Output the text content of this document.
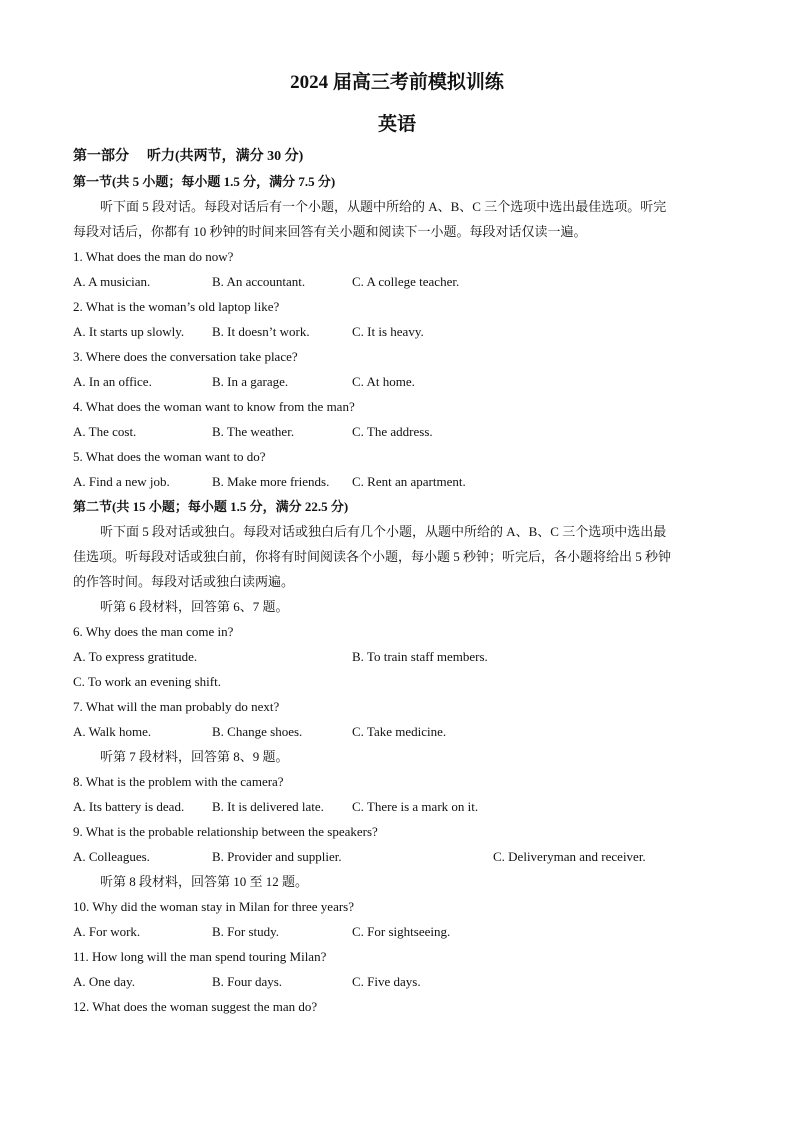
2024 届高三考前模拟训练
英语
第一部分 听力(共两节，满分 30 分)
第一节(共 5 小题；每小题 1.5 分，满分 7.5 分)
听下面 5 段对话。每段对话后有一个小题，从题中所给的 A、B、C 三个选项中选出最佳选项。听完
每段对话后，你都有 10 秒钟的时间来回答有关小题和阅读下一小题。每段对话仅读一遍。
1. What does the man do now?
A. A musician.	B. An accountant.	C. A college teacher.
2. What is the woman’s old laptop like?
A. It starts up slowly. B. It doesn’t work.	C. It is heavy.
3. Where does the conversation take place?
A. In an office.	B. In a garage.	C. At home.
4. What does the woman want to know from the man?
A. The cost.	B. The weather.	C. The address.
5. What does the woman want to do?
A. Find a new job.	B. Make more friends. C. Rent an apartment.
第二节(共 15 小题；每小题 1.5 分，满分 22.5 分)
听下面 5 段对话或独白。每段对话或独白后有几个小题，从题中所给的 A、B、C 三个选项中选出最
佳选项。听每段对话或独白前，你将有时间阅读各个小题，每小题 5 秒钟；听完后，各小题将给出 5 秒钟
的作答时间。每段对话或独白读两遍。
听第 6 段材料，回答第 6、7 题。
6. Why does the man come in?
A. To express gratitude.	B. To train staff members.
C. To work an evening shift.
7. What will the man probably do next?
A. Walk home.	B. Change shoes.	C. Take medicine.
听第 7 段材料，回答第 8、9 题。
8. What is the problem with the camera?
A. Its battery is dead. B. It is delivered late. C. There is a mark on it.
9. What is the probable relationship between the speakers?
A. Colleagues.	B. Provider and supplier.	C. Deliveryman and receiver.
听第 8 段材料，回答第 10 至 12 题。
10. Why did the woman stay in Milan for three years?
A. For work.	B. For study.	C. For sightseeing.
11. How long will the man spend touring Milan?
A. One day.	B. Four days.	C. Five days.
12. What does the woman suggest the man do?
